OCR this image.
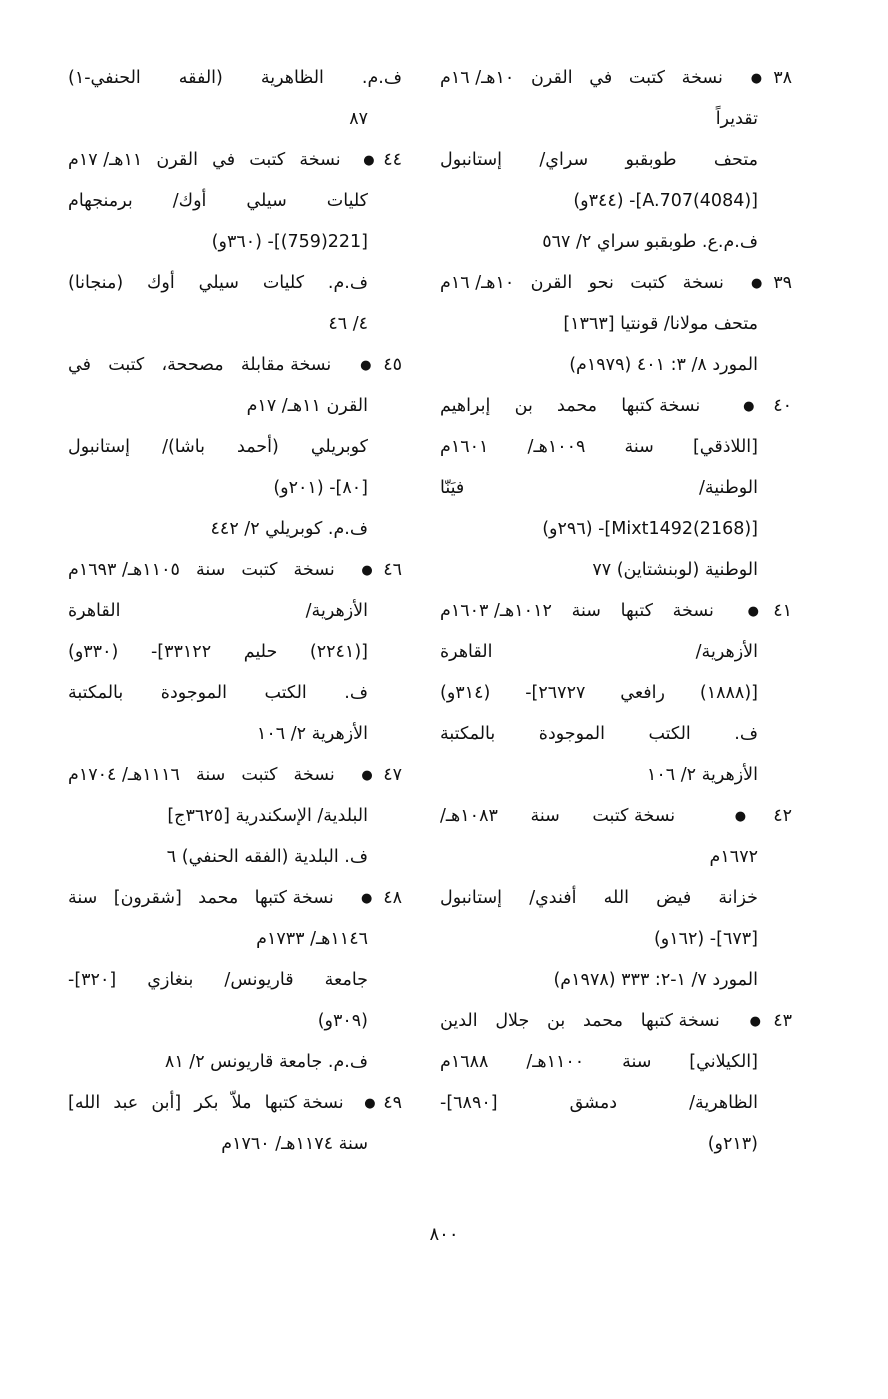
٣٨● نسخة كتبت في القرن ١٠هـ/ ١٦م
تقديراً
متحف طوبقبو سراي/ إستانبول
[A.707(4084)]- (٣٤٤و)
ف.م.ع. طوبقبو سراي ٢/ ٥٦٧
٣٩● نسخة كتبت نحو القرن ١٠هـ/ ١٦م
متحف مولانا/ قونتيا [١٣٦٣]
المورد ٨/ ٣: ٤٠١ (١٩٧٩م)
٤٠● نسخة كتبها محمد بن إبراهيم
[اللاذقي] سنة ١٠٠٩هـ/ ١٦٠١م
الوطنية/ فيَنّا
[Mixt1492(2168)]- (٢٩٦و)
الوطنية (لوبنشتاين) ٧٧
٤١● نسخة كتبها سنة ١٠١٢هـ/ ١٦٠٣م
الأزهرية/ القاهرة
[(١٨٨٨) رافعي ٢٦٧٢٧]- (٣١٤و)
ف. الكتب الموجودة بالمكتبة
الأزهرية ٢/ ١٠٦
٤٢● نسخة كتبت سنة ١٠٨٣هـ/
١٦٧٢م
خزانة فيض الله أفندي/ إستانبول
[٦٧٣]- (١٦٢و)
المورد ٧/ ١-٢: ٣٣٣ (١٩٧٨م)
٤٣● نسخة كتبها محمد بن جلال الدين
[الكيلاني] سنة ١١٠٠هـ/ ١٦٨٨م
الظاهرية/ دمشق [٦٨٩٠]-
(٢١٣و)
ف.م. الظاهرية (الفقه الحنفي-١)
٨٧
٤٤● نسخة كتبت في القرن ١١هـ/ ١٧م
كليات سيلي أوك/ برمنجهام
[221(759)]- (٣٦٠و)
ف.م. كليات سيلي أوك (منجانا)
٤/ ٤٦
٤٥● نسخة مقابلة مصححة، كتبت في
القرن ١١هـ/ ١٧م
كوبريلي (أحمد باشا)/ إستانبول
[٨٠]- (٢٠١و)
ف.م. كوبريلي ٢/ ٤٤٢
٤٦● نسخة كتبت سنة ١١٠٥هـ/ ١٦٩٣م
الأزهرية/ القاهرة
[(٢٢٤١) حليم ٣٣١٢٢]- (٣٣٠و)
ف. الكتب الموجودة بالمكتبة
الأزهرية ٢/ ١٠٦
٤٧● نسخة كتبت سنة ١١١٦هـ/ ١٧٠٤م
البلدية/ الإسكندرية [٣٦٢٥ج]
ف. البلدية (الفقه الحنفي) ٦
٤٨● نسخة كتبها محمد [شقرون] سنة
١١٤٦هـ/ ١٧٣٣م
جامعة قاريونس/ بنغازي [٣٢٠]-
(٣٠٩و)
ف.م. جامعة قاريونس ٢/ ٨١
٤٩● نسخة كتبها ملاّ بكر [أبن عبد الله]
سنة ١١٧٤هـ/ ١٧٦٠م
٨٠٠
